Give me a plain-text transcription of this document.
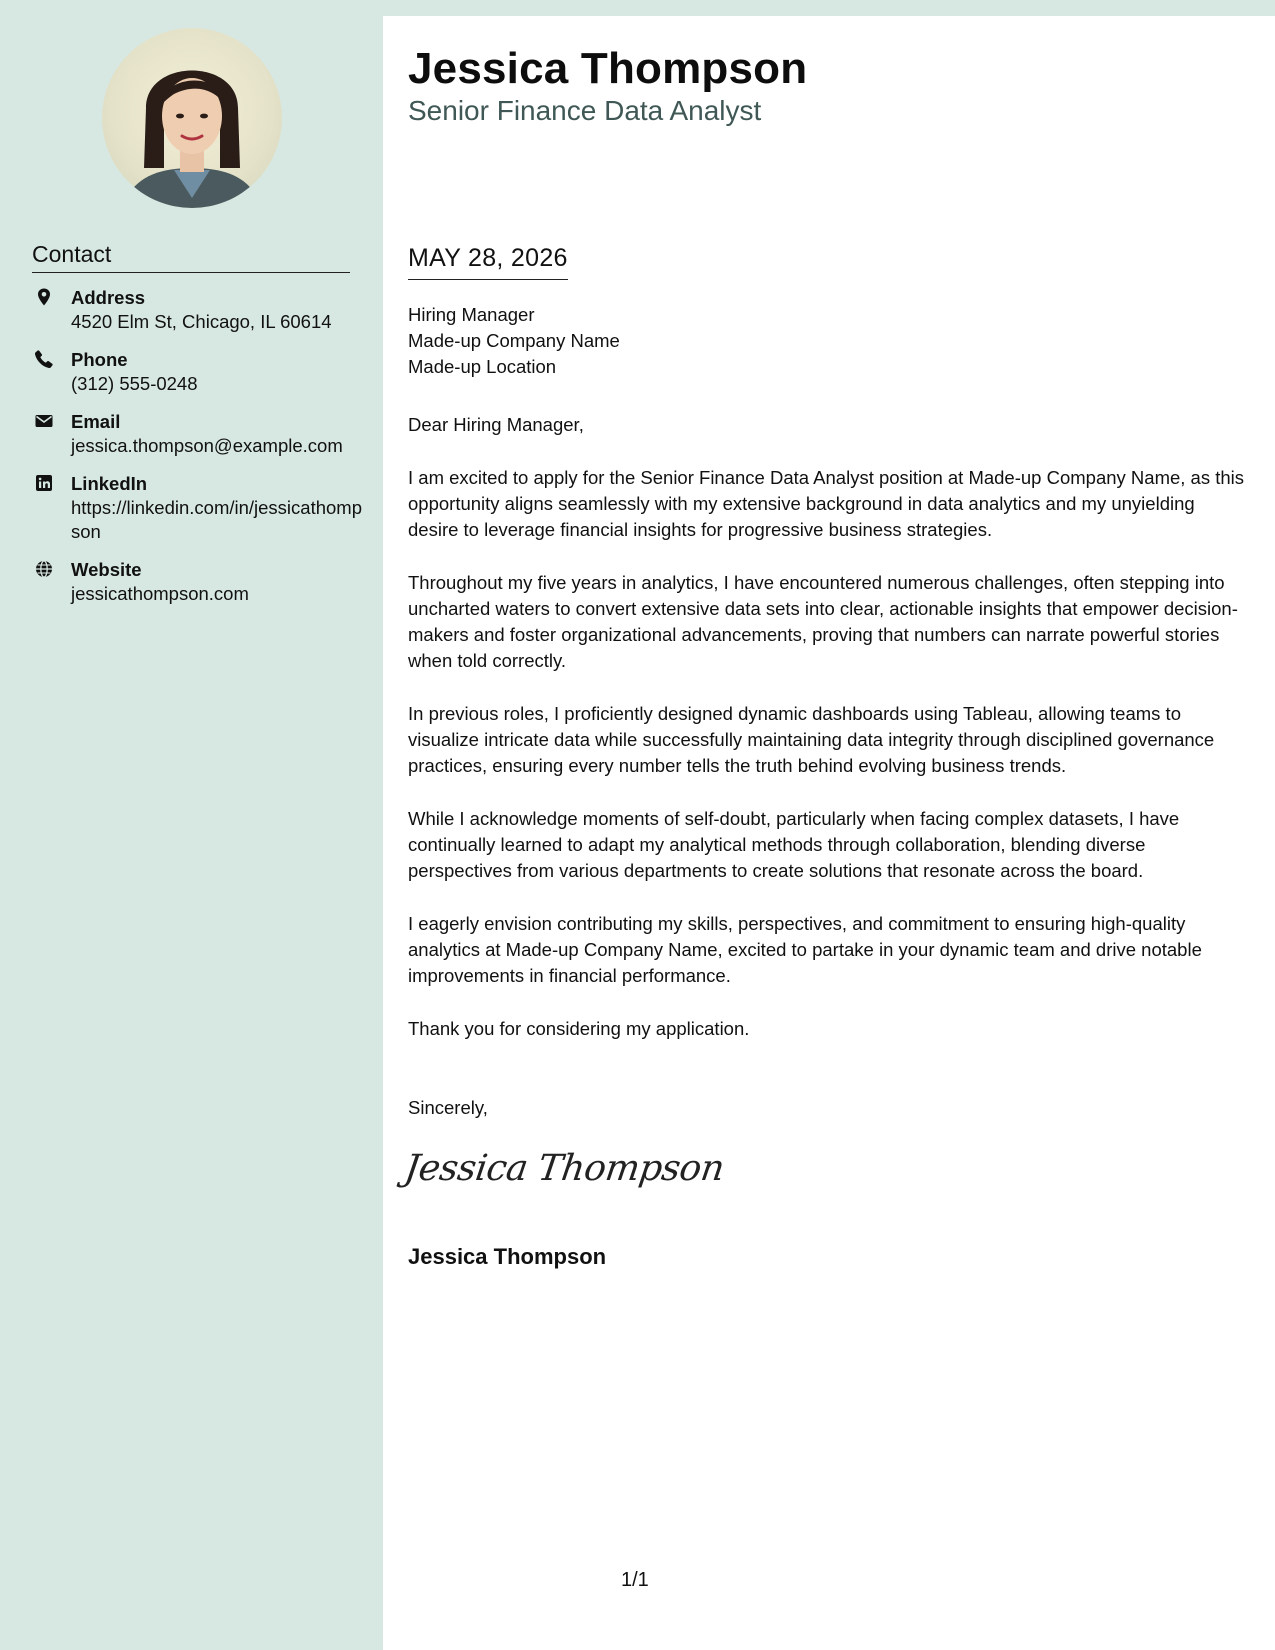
Contact
Address
4520 Elm St, Chicago, IL 60614
Phone
(312) 555-0248
Email
jessica.thompson@example.com
LinkedIn
https://linkedin.com/in/jessicathompson
Website
jessicathompson.com
Jessica Thompson
Senior Finance Data Analyst
MAY 28, 2026
Hiring Manager
Made-up Company Name
Made-up Location

Dear Hiring Manager,

I am excited to apply for the Senior Finance Data Analyst position at Made-up Company Name, as this opportunity aligns seamlessly with my extensive background in data analytics and my unyielding desire to leverage financial insights for progressive business strategies.

Throughout my five years in analytics, I have encountered numerous challenges, often stepping into uncharted waters to convert extensive data sets into clear, actionable insights that empower decision-makers and foster organizational advancements, proving that numbers can narrate powerful stories when told correctly.

In previous roles, I proficiently designed dynamic dashboards using Tableau, allowing teams to visualize intricate data while successfully maintaining data integrity through disciplined governance practices, ensuring every number tells the truth behind evolving business trends.

While I acknowledge moments of self-doubt, particularly when facing complex datasets, I have continually learned to adapt my analytical methods through collaboration, blending diverse perspectives from various departments to create solutions that resonate across the board.

I eagerly envision contributing my skills, perspectives, and commitment to ensuring high-quality analytics at Made-up Company Name, excited to partake in your dynamic team and drive notable improvements in financial performance.

Thank you for considering my application.

Sincerely,
Jessica Thompson
Jessica Thompson
1/1
